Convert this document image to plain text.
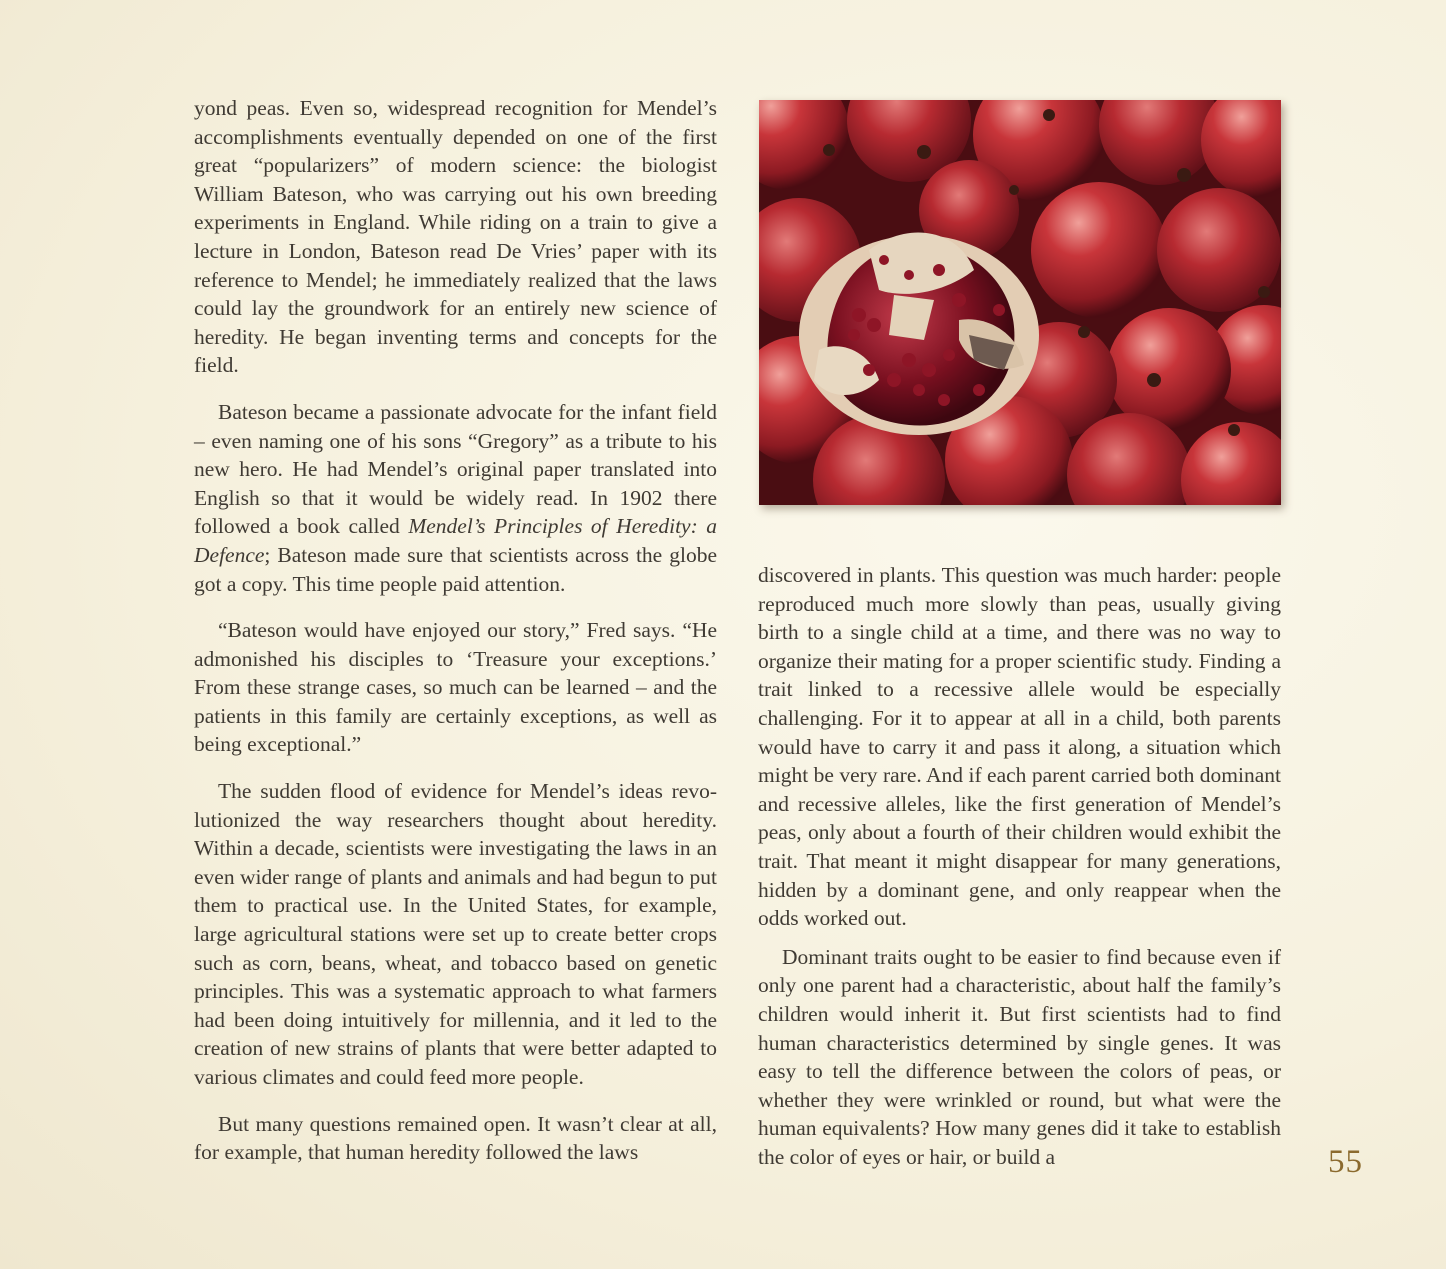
yond peas. Even so, widespread recognition for Mendel’s accomplishments eventually depended on one of the first great “popularizers” of modern science: the biologist William Bateson, who was carrying out his own breeding experiments in England. While riding on a train to give a lecture in London, Bateson read De Vries’ paper with its reference to Mendel; he immediately realized that the laws could lay the groundwork for an entirely new science of heredity. He began inventing terms and concepts for the field.

Bateson became a passionate advocate for the infant field – even naming one of his sons “Gregory” as a tribute to his new hero. He had Mendel’s original paper translated into English so that it would be widely read. In 1902 there followed a book called Mendel’s Principles of Heredity: a Defence; Bateson made sure that scientists across the globe got a copy. This time people paid attention.

“Bateson would have enjoyed our story,” Fred says. “He admonished his disciples to ‘Treasure your exceptions.’ From these strange cases, so much can be learned – and the patients in this family are certainly exceptions, as well as being exceptional.”

The sudden flood of evidence for Mendel’s ideas revolutionized the way researchers thought about heredity. Within a decade, scientists were investigating the laws in an even wider range of plants and animals and had begun to put them to practical use. In the United States, for example, large agricultural stations were set up to create better crops such as corn, beans, wheat, and tobacco based on genetic principles. This was a systematic approach to what farmers had been doing intuitively for millennia, and it led to the creation of new strains of plants that were better adapted to various climates and could feed more people.

But many questions remained open. It wasn’t clear at all, for example, that human heredity followed the laws

discovered in plants. This question was much harder: people reproduced much more slowly than peas, usually giving birth to a single child at a time, and there was no way to organize their mating for a proper scientific study. Finding a trait linked to a recessive allele would be especially challenging. For it to appear at all in a child, both parents would have to carry it and pass it along, a situation which might be very rare. And if each parent carried both dominant and recessive alleles, like the first generation of Mendel’s peas, only about a fourth of their children would exhibit the trait. That meant it might disappear for many generations, hidden by a dominant gene, and only reappear when the odds worked out.

Dominant traits ought to be easier to find because even if only one parent had a characteristic, about half the family’s children would inherit it. But first scientists had to find human characteristics determined by single genes. It was easy to tell the difference between the colors of peas, or whether they were wrinkled or round, but what were the human equivalents? How many genes did it take to establish the color of eyes or hair, or build a	55
